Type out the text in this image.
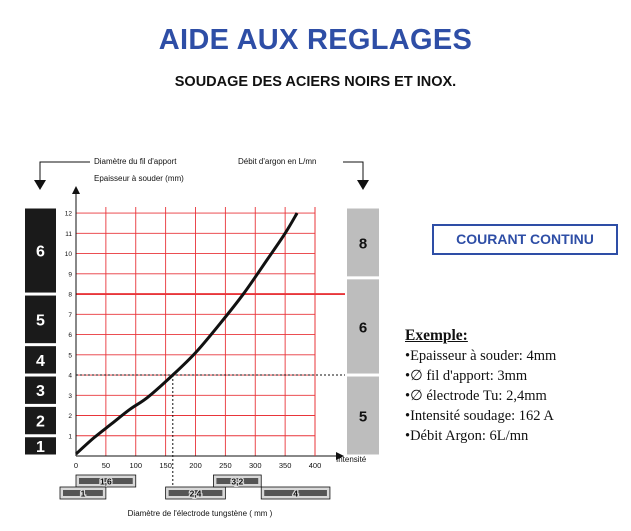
AIDE AUX REGLAGES
SOUDAGE DES ACIERS NOIRS ET INOX.
1
2
3
4
5
6
5
6
8
1,6
1	2,4
3,2
4
0	50	100 150 200 250 300 350 400
1
2
3
4
5
6
7
8
9
10
11
12
Diamètre du fil d'apport
Epaisseur à souder (mm)
Débit d'argon en L/mn
Intensité
Diamètre de l'électrode tungstène ( mm )
COURANT CONTINU
Exemple:
•Epaisseur à souder: 4mm
•∅ fil d'apport: 3mm
•∅ électrode Tu: 2,4mm
•Intensité soudage: 162 A
•Débit Argon: 6L/mn
